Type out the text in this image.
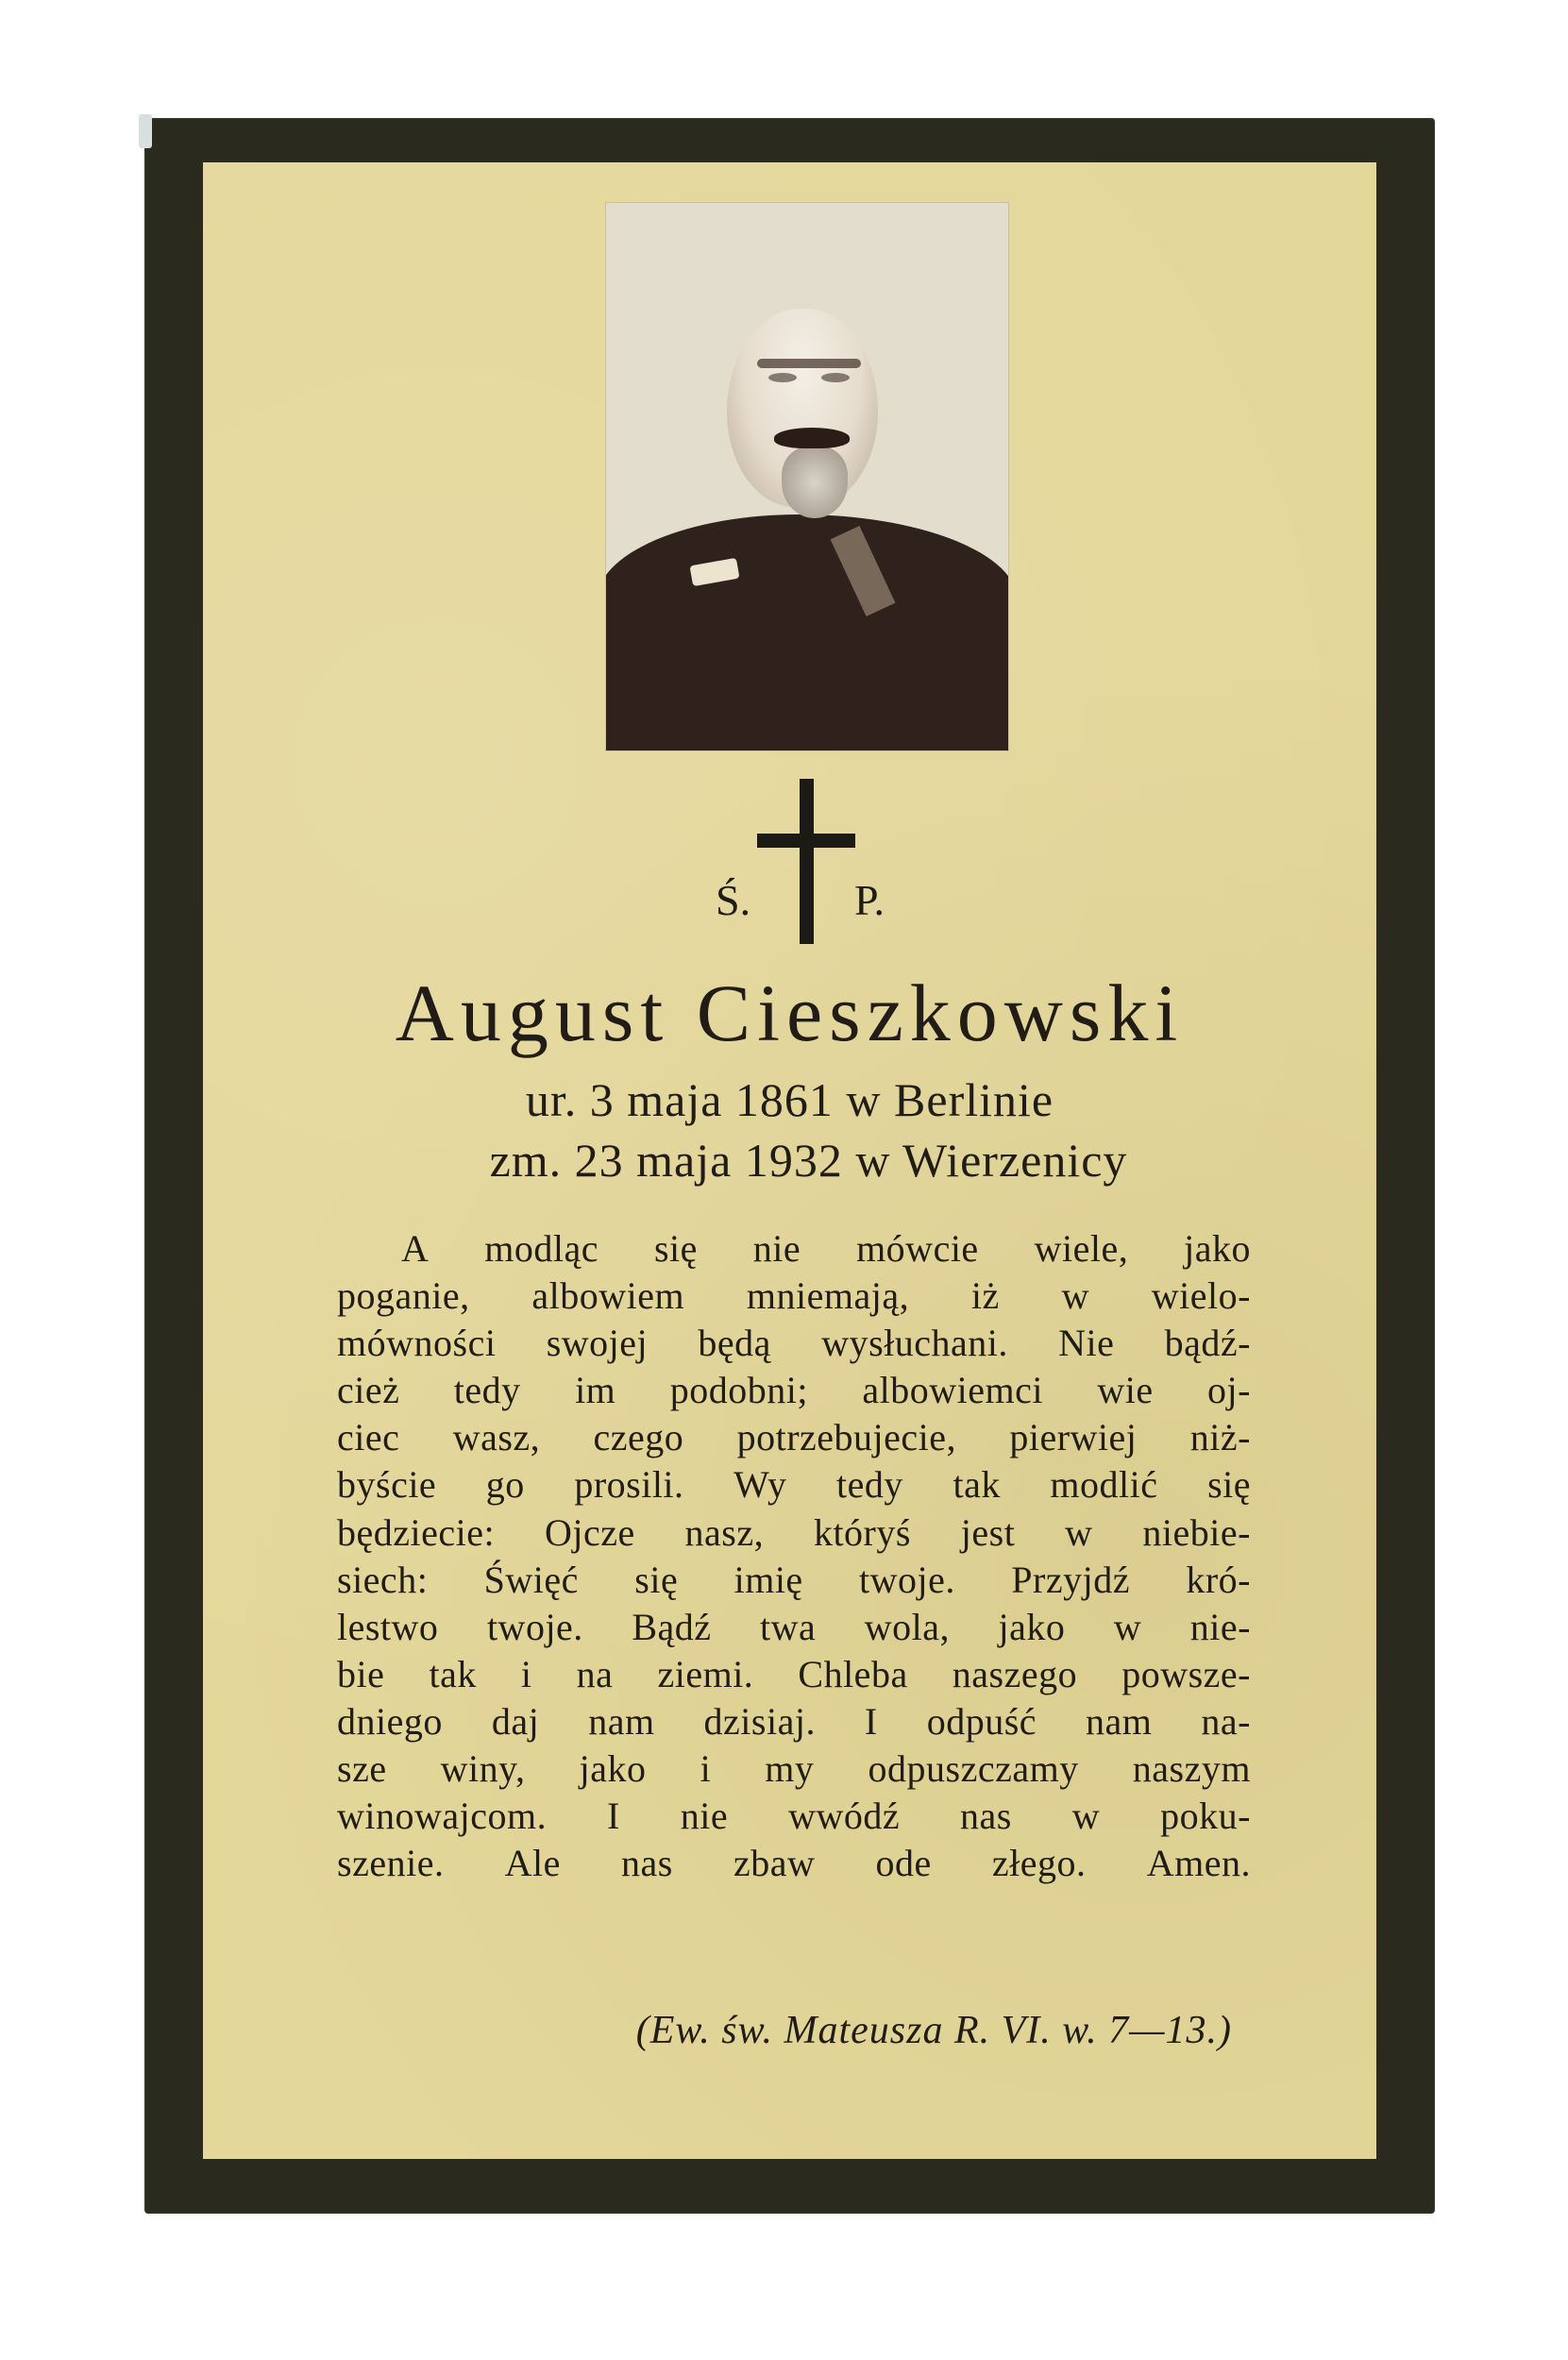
Ś. P.
August Cieszkowski
ur. 3 maja 1861 w Berlinie
zm. 23 maja 1932 w Wierzenicy
A modląc się nie mówcie wiele, jako
poganie, albowiem mniemają, iż w wielo-
mówności swojej będą wysłuchani. Nie bądź-
cież tedy im podobni; albowiemci wie oj-
ciec wasz, czego potrzebujecie, pierwiej niż-
byście go prosili. Wy tedy tak modlić się
będziecie: Ojcze nasz, któryś jest w niebie-
siech: Święć się imię twoje. Przyjdź kró-
lestwo twoje. Bądź twa wola, jako w nie-
bie tak i na ziemi. Chleba naszego powsze-
dniego daj nam dzisiaj. I odpuść nam na-
sze winy, jako i my odpuszczamy naszym
winowajcom. I nie wwódź nas w poku-
szenie. Ale nas zbaw ode złego. Amen.
(Ew. św. Mateusza R. VI. w. 7—13.)
